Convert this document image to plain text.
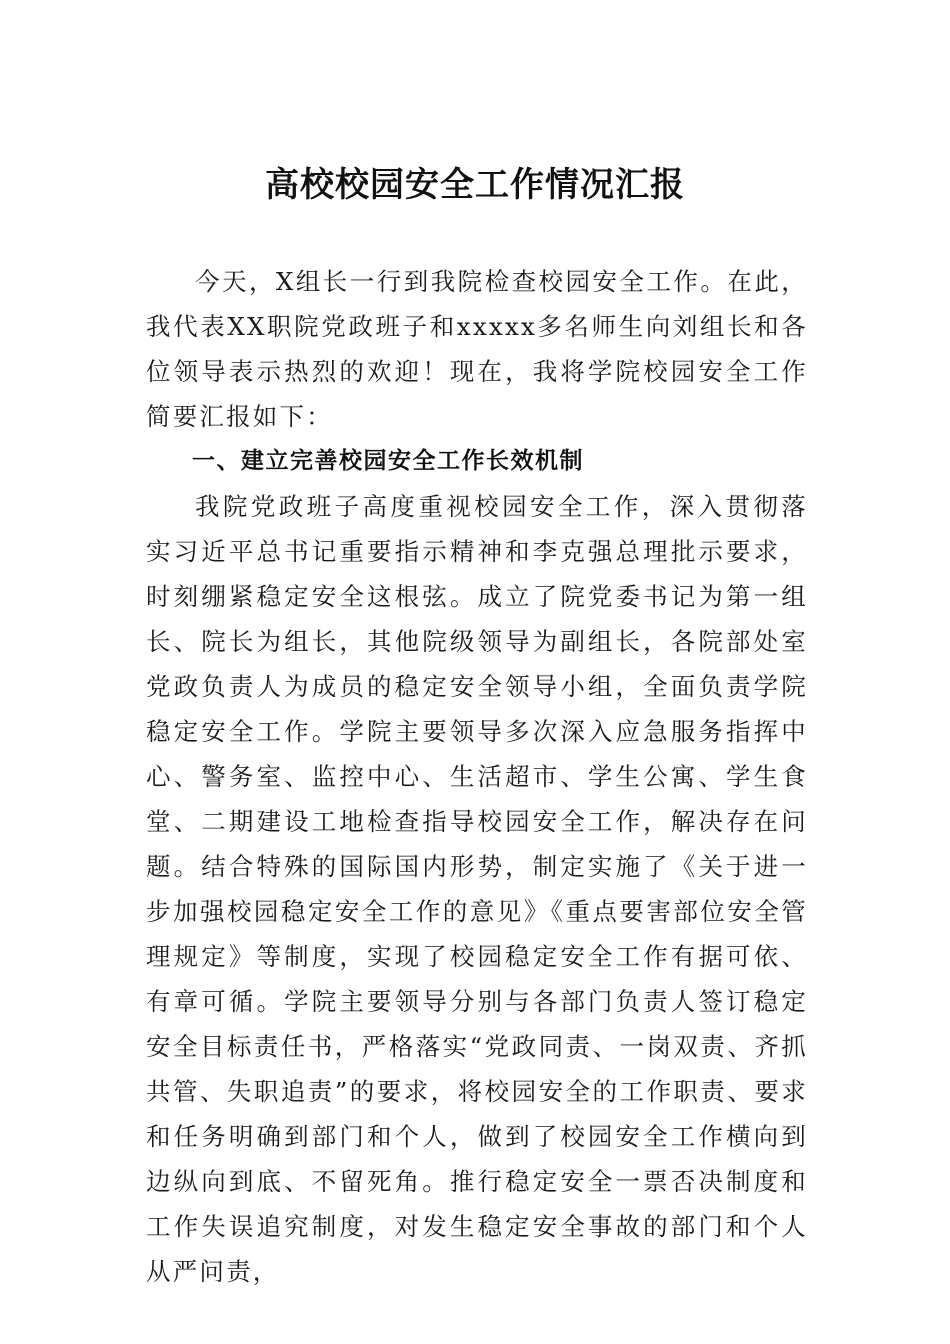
高校校园安全工作情况汇报

今天，X组长一行到我院检查校园安全工作。在此，我代表XX职院党政班子和xxxxx多名师生向刘组长和各位领导表示热烈的欢迎！现在，我将学院校园安全工作简要汇报如下：

一、建立完善校园安全工作长效机制

我院党政班子高度重视校园安全工作，深入贯彻落实习近平总书记重要指示精神和李克强总理批示要求，时刻绷紧稳定安全这根弦。成立了院党委书记为第一组长、院长为组长，其他院级领导为副组长，各院部处室党政负责人为成员的稳定安全领导小组，全面负责学院稳定安全工作。学院主要领导多次深入应急服务指挥中心、警务室、监控中心、生活超市、学生公寓、学生食堂、二期建设工地检查指导校园安全工作，解决存在问题。结合特殊的国际国内形势，制定实施了《关于进一步加强校园稳定安全工作的意见》《重点要害部位安全管理规定》等制度，实现了校园稳定安全工作有据可依、有章可循。学院主要领导分别与各部门负责人签订稳定安全目标责任书，严格落实“党政同责、一岗双责、齐抓共管、失职追责”的要求，将校园安全的工作职责、要求和任务明确到部门和个人，做到了校园安全工作横向到边纵向到底、不留死角。推行稳定安全一票否决制度和工作失误追究制度，对发生稳定安全事故的部门和个人从严问责，
